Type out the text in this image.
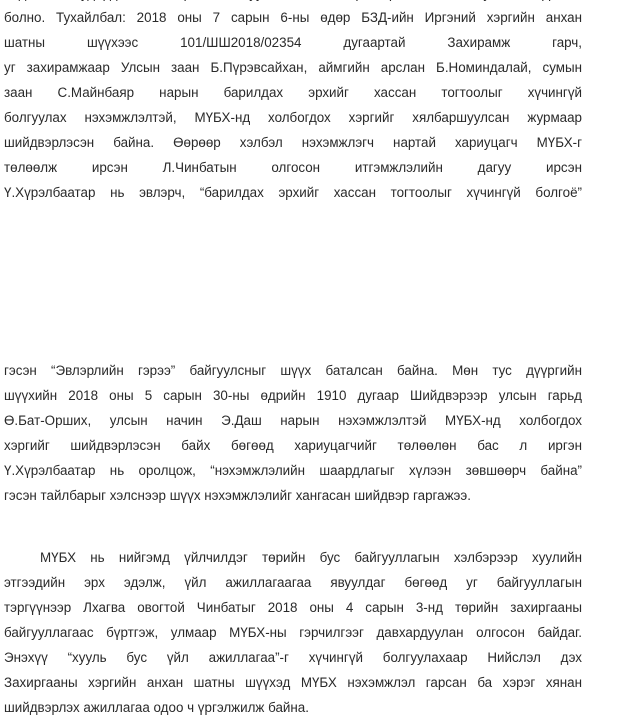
болно. Тухайлбал: 2018 оны 7 сарын 6-ны өдөр БЗД-ийн Иргэний хэргийн анхан
шатны шүүхээс 101/ШШ2018/02354 дугаартай Захирамж гарч,
уг захирамжаар Улсын заан Б.Пүрэвсайхан, аймгийн арслан Б.Номиндалай, сумын
заан С.Майнбаяр нарын барилдах эрхийг хассан тогтоолыг хүчингүй
болгуулах нэхэмжлэлтэй, МҮБХ-нд холбогдох хэргийг хялбаршуулсан журмаар
шийдвэрлэсэн байна. Өөрөөр хэлбэл нэхэмжлэгч нартай хариуцагч МҮБХ-г
төлөөлж ирсэн Л.Чинбатын олгосон итгэмжлэлийн дагуу ирсэн
Ү.Хүрэлбаатар нь эвлэрч, “барилдах эрхийг хассан тогтоолыг хүчингүй болгоё”
гэсэн “Эвлэрлийн гэрээ” байгуулсныг шүүх баталсан байна. Мөн тус дүүргийн
шүүхийн 2018 оны 5 сарын 30-ны өдрийн 1910 дугаар Шийдвэрээр улсын гарьд
Ө.Бат-Орших, улсын начин Э.Даш нарын нэхэмжлэлтэй МҮБХ-нд холбогдох
хэргийг шийдвэрлэсэн байх бөгөөд хариуцагчийг төлөөлөн бас л иргэн
Ү.Хүрэлбаатар нь оролцож, “нэхэмжлэлийн шаардлагыг хүлээн зөвшөөрч байна”
гэсэн тайлбарыг хэлснээр шүүх нэхэмжлэлийг хангасан шийдвэр гаргажээ.
МҮБХ нь нийгэмд үйлчилдэг төрийн бус байгууллагын хэлбэрээр хуулийн
этгээдийн эрх эдэлж, үйл ажиллагаагаа явуулдаг бөгөөд уг байгууллагын
тэргүүнээр Лхагва овогтой Чинбатыг 2018 оны 4 сарын 3-нд төрийн захиргааны
байгууллагаас бүртгэж, улмаар МҮБХ-ны гэрчилгээг давхардуулан олгосон байдаг.
Энэхүү “хууль бус үйл ажиллагаа”-г хүчингүй болгуулахаар Нийслэл дэх
Захиргааны хэргийн анхан шатны шүүхэд МҮБХ нэхэмжлэл гарсан ба хэрэг хянан
шийдвэрлэх ажиллагаа одоо ч үргэлжилж байна.
